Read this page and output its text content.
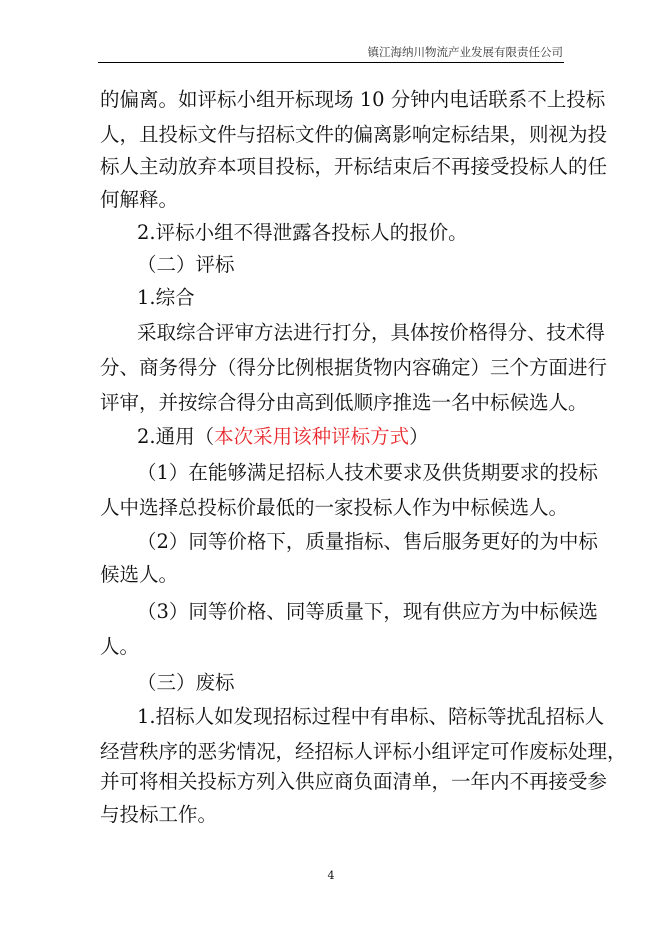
镇江海纳川物流产业发展有限责任公司
的偏离。如评标小组开标现场 10 分钟内电话联系不上投标
人，且投标文件与招标文件的偏离影响定标结果，则视为投
标人主动放弃本项目投标，开标结束后不再接受投标人的任
何解释。
2.评标小组不得泄露各投标人的报价。
（二）评标
1.综合
采取综合评审方法进行打分，具体按价格得分、技术得
分、商务得分（得分比例根据货物内容确定）三个方面进行
评审，并按综合得分由高到低顺序推选一名中标候选人。
2.通用（本次采用该种评标方式）
（1）在能够满足招标人技术要求及供货期要求的投标
人中选择总投标价最低的一家投标人作为中标候选人。
（2）同等价格下，质量指标、售后服务更好的为中标
候选人。
（3）同等价格、同等质量下，现有供应方为中标候选
人。
（三）废标
1.招标人如发现招标过程中有串标、陪标等扰乱招标人
经营秩序的恶劣情况，经招标人评标小组评定可作废标处理，
并可将相关投标方列入供应商负面清单，一年内不再接受参
与投标工作。
4
